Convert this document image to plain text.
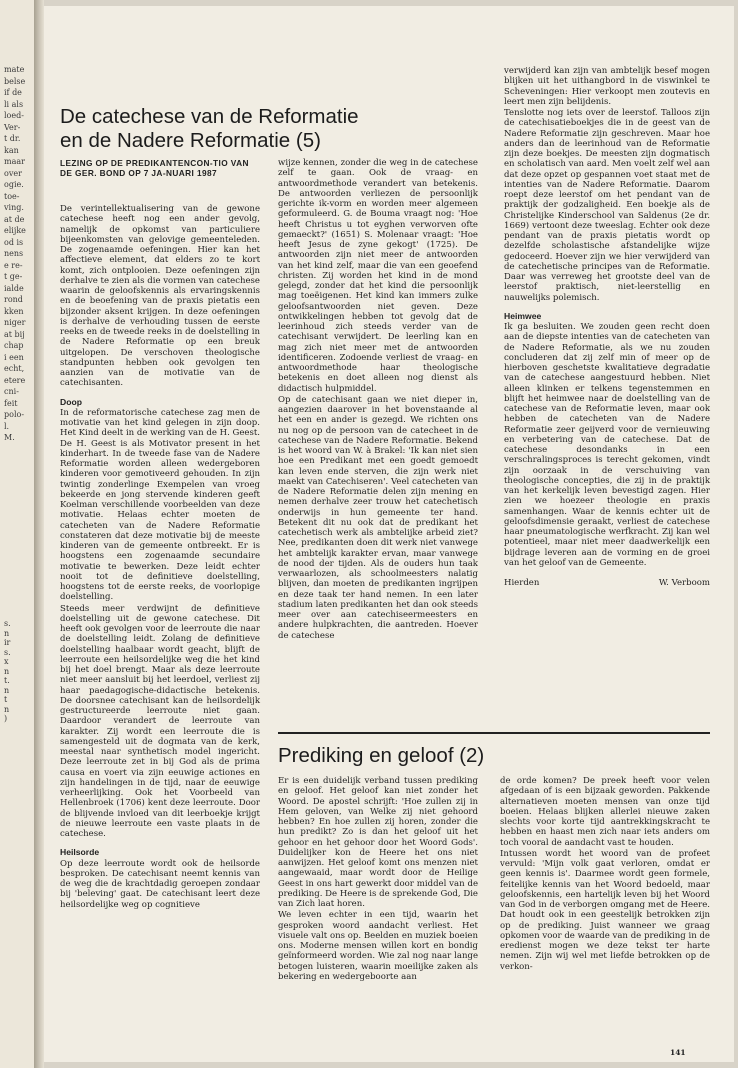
mate
belse
if de
li als
loed-
Ver-
t dr.
kan
maar
over
ogie.
toe-
ving.
at de
elijke
od is
nens
e re-
t ge-
ialde
rond
kken
niger
at bij
chap
i een
echt,
etere
cni-
feit
polo-
l.
M.
s.
n
ir
s.
x
n
t.
n
t
n
)
De catechese van de Reformatie
en de Nadere Reformatie (5)
LEZING OP DE PREDIKANTENCON-TIO VAN DE GER. BOND OP 7 JA-NUARI 1987

De verintellektualisering van de gewone catechese heeft nog een ander gevolg, namelijk de opkomst van particuliere bijeenkomsten van gelovige gemeenteleden. De zogenaamde oefeningen. Hier kan het affectieve element, dat elders zo te kort komt, zich ontplooien. Deze oefeningen zijn derhalve te zien als die vormen van catechese waarin de geloofskennis als ervaringskennis en de beoefening van de praxis pietatis een bijzonder aksent krijgen. In deze oefeningen is derhalve de verhouding tussen de eerste reeks en de tweede reeks in de doelstelling in de Nadere Reformatie op een breuk uitgelopen. De verschoven theologische standpunten hebben ook gevolgen ten aanzien van de motivatie van de catechisanten.

Doop

In de reformatorische catechese zag men de motivatie van het kind gelegen in zijn doop. Het Kind deelt in de werking van de H. Geest. De H. Geest is als Motivator present in het kinderhart. In de tweede fase van de Nadere Reformatie worden alleen wedergeboren kinderen voor gemotiveerd gehouden. In zijn twintig zonderlinge Exempelen van vroeg bekeerde en jong stervende kinderen geeft Koelman verschillende voorbeelden van deze motivatie. Helaas echter moeten de catecheten van de Nadere Reformatie constateren dat deze motivatie bij de meeste kinderen van de gemeente ontbreekt. Er is hoogstens een zogenaamde secundaire motivatie te bewerken. Deze leidt echter nooit tot de definitieve doelstelling, hoogstens tot de eerste reeks, de voorlopige doelstelling.

Steeds meer verdwijnt de definitieve doelstelling uit de gewone catechese. Dit heeft ook gevolgen voor de leerroute die naar de doelstelling leidt. Zolang de definitieve doelstelling haalbaar wordt geacht, blijft de leerroute een heilsordelijke weg die het kind bij het doel brengt. Maar als deze leerroute niet meer aansluit bij het leerdoel, verliest zij haar paedagogische-didactische betekenis. De doorsnee catechisant kan de heilsordelijk gestructureerde leerroute niet gaan. Daardoor verandert de leerroute van karakter. Zij wordt een leerroute die is samengesteld uit de dogmata van de kerk, meestal naar synthetisch model ingericht. Deze leerroute zet in bij God als de prima causa en voert via zijn eeuwige actiones en zijn handelingen in de tijd, naar de eeuwige verheerlijking. Ook het Voorbeeld van Hellenbroek (1706) kent deze leerroute. Door de blijvende invloed van dit leerboekje krijgt de nieuwe leerroute een vaste plaats in de catechese.

Heilsorde

Op deze leerroute wordt ook de heilsorde besproken. De catechisant neemt kennis van de weg die de krachtdadig geroepen zondaar bij 'beleving' gaat. De catechisant leert deze heilsordelijke weg op cognitieve

wijze kennen, zonder die weg in de catechese zelf te gaan. Ook de vraag- en antwoordmethode verandert van betekenis. De antwoorden verliezen de persoonlijk gerichte ik-vorm en worden meer algemeen geformuleerd. G. de Bouma vraagt nog: 'Hoe heeft Christus u tot eyghen verworven ofte gemaeckt?' (1651) S. Molenaar vraagt: 'Hoe heeft Jesus de zyne gekogt' (1725). De antwoorden zijn niet meer de antwoorden van het kind zelf, maar die van een geoefend christen. Zij worden het kind in de mond gelegd, zonder dat het kind die persoonlijk mag toeëigenen. Het kind kan immers zulke geloofsantwoorden niet geven. Deze ontwikkelingen hebben tot gevolg dat de leerinhoud zich steeds verder van de catechisant verwijdert. De leerling kan en mag zich niet meer met de antwoorden identificeren. Zodoende verliest de vraag- en antwoordmethode haar theologische betekenis en doet alleen nog dienst als didactisch hulpmiddel.

Op de catechisant gaan we niet dieper in, aangezien daarover in het bovenstaande al het een en ander is gezegd. We richten ons nu nog op de persoon van de catecheet in de catechese van de Nadere Reformatie. Bekend is het woord van W. à Brakel: 'Ik kan niet sien hoe een Predikant met een goedt gemoedt kan leven ende sterven, die zijn werk niet maekt van Catechiseren'. Veel catecheten van de Nadere Reformatie delen zijn mening en nemen derhalve zeer trouw het catechetisch onderwijs in hun gemeente ter hand. Betekent dit nu ook dat de predikant het catechetisch werk als ambtelijke arbeid ziet? Nee, predikanten doen dit werk niet vanwege het ambtelijk karakter ervan, maar vanwege de nood der tijden. Als de ouders hun taak verwaarlozen, als schoolmeesters nalatig blijven, dan moeten de predikanten ingrijpen en deze taak ter hand nemen. In een later stadium laten predikanten het dan ook steeds meer over aan catechiseermeesters en andere hulpkrachten, die aantreden. Hoever de catechese

verwijderd kan zijn van ambtelijk besef mogen blijken uit het uithangbord in de viswinkel te Scheveningen: Hier verkoopt men zoutevis en leert men zijn belijdenis.

Tenslotte nog iets over de leerstof. Talloos zijn de catechisatieboekjes die in de geest van de Nadere Reformatie zijn geschreven. Maar hoe anders dan de leerinhoud van de Reformatie zijn deze boekjes. De meesten zijn dogmatisch en scholatisch van aard. Men voelt zelf wel aan dat deze opzet op gespannen voet staat met de intenties van de Nadere Reformatie. Daarom roept deze leerstof om het pendant van de praktijk der godzaligheid. Een boekje als de Christelijke Kinderschool van Saldenus (2e dr. 1669) vertoont deze tweeslag. Echter ook deze pendant van de praxis pietatis wordt op dezelfde scholastische afstandelijke wijze gedoceerd. Hoever zijn we hier verwijderd van de catechetische principes van de Reformatie. Daar was verreweg het grootste deel van de leerstof praktisch, niet-leerstellig en nauwelijks polemisch.

Heimwee

Ik ga besluiten. We zouden geen recht doen aan de diepste intenties van de catecheten van de Nadere Reformatie, als we nu zouden concluderen dat zij zelf min of meer op de hierboven geschetste kwalitatieve degradatie van de catechese aangestuurd hebben. Niet alleen klinken er telkens tegenstemmen en blijft het heimwee naar de doelstelling van de catechese van de Reformatie leven, maar ook hebben de catecheten van de Nadere Reformatie zeer geijverd voor de vernieuwing en verbetering van de catechese. Dat de catechese desondanks in een verschralingsproces is terecht gekomen, vindt zijn oorzaak in de verschuiving van theologische concepties, die zij in de praktijk van het kerkelijk leven bevestigd zagen. Hier zien we hoezeer theologie en praxis samenhangen. Waar de kennis echter uit de geloofsdimensie geraakt, verliest de catechese haar pneumatologische werfkracht. Zij kan wel potentieel, maar niet meer daadwerkelijk een bijdrage leveren aan de vorming en de groei van het geloof van de Gemeente.

Hierden	W. Verboom
Prediking en geloof (2)

Er is een duidelijk verband tussen prediking en geloof. Het geloof kan niet zonder het Woord. De apostel schrijft: 'Hoe zullen zij in Hem geloven, van Welke zij niet gehoord hebben? En hoe zullen zij horen, zonder die hun predikt? Zo is dan het geloof uit het gehoor en het gehoor door het Woord Gods'. Duidelijker kon de Heere het ons niet aanwijzen. Het geloof komt ons menzen niet aangewaaid, maar wordt door de Heilige Geest in ons hart gewerkt door middel van de prediking. De Heere is de sprekende God, Die van Zich laat horen.

We leven echter in een tijd, waarin het gesproken woord aandacht verliest. Het visuele valt ons op. Beelden en muziek boeien ons. Moderne mensen willen kort en bondig geïnformeerd worden. Wie zal nog naar lange betogen luisteren, waarin moeilijke zaken als bekering en wedergeboorte aan

de orde komen? De preek heeft voor velen afgedaan of is een bijzaak geworden. Pakkende alternatieven moeten mensen van onze tijd boeien. Helaas blijken allerlei nieuwe zaken slechts voor korte tijd aantrekkingskracht te hebben en haast men zich naar iets anders om toch vooral de aandacht vast te houden.

Intussen wordt het woord van de profeet vervuld: 'Mijn volk gaat verloren, omdat er geen kennis is'. Daarmee wordt geen formele, feitelijke kennis van het Woord bedoeld, maar geloofskennis, een hartelijk leven bij het Woord van God in de verborgen omgang met de Heere. Dat houdt ook in een geestelijk betrokken zijn op de prediking. Juist wanneer we graag opkomen voor de waarde van de prediking in de eredienst mogen we deze tekst ter harte nemen. Zijn wij wel met liefde betrokken op de verkon-

141
